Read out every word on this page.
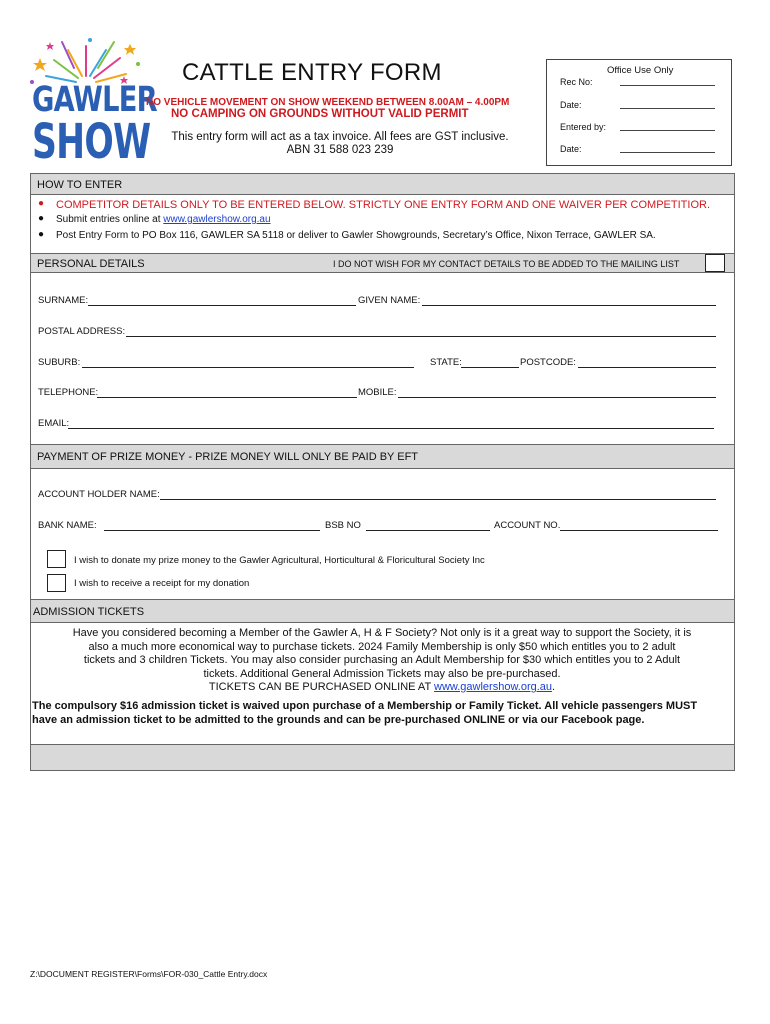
GAWLER
SHOW
CATTLE ENTRY FORM
NO VEHICLE MOVEMENT ON SHOW WEEKEND BETWEEN 8.00AM – 4.00PM
NO CAMPING ON GROUNDS WITHOUT VALID PERMIT
This entry form will act as a tax invoice. All fees are GST inclusive.
ABN 31 588 023 239
Office Use Only
Rec No:
Date:
Entered by:
Date:
HOW TO ENTER
● COMPETITOR DETAILS ONLY TO BE ENTERED BELOW. STRICTLY ONE ENTRY FORM AND ONE WAIVER PER COMPETITIOR.
● Submit entries online at www.gawlershow.org.au
● Post Entry Form to PO Box 116, GAWLER SA 5118 or deliver to Gawler Showgrounds, Secretary’s Office, Nixon Terrace, GAWLER SA.
PERSONAL DETAILS	I DO NOT WISH FOR MY CONTACT DETAILS TO BE ADDED TO THE MAILING LIST
SURNAME:	GIVEN NAME:
POSTAL ADDRESS:
SUBURB:	STATE:	POSTCODE:
TELEPHONE:	MOBILE:
EMAIL:
PAYMENT OF PRIZE MONEY - PRIZE MONEY WILL ONLY BE PAID BY EFT
ACCOUNT HOLDER NAME:
BANK NAME:	BSB NO	ACCOUNT NO.
I wish to donate my prize money to the Gawler Agricultural, Horticultural & Floricultural Society Inc
I wish to receive a receipt for my donation
ADMISSION TICKETS
Have you considered becoming a Member of the Gawler A, H & F Society? Not only is it a great way to support the Society, it is
also a much more economical way to purchase tickets. 2024 Family Membership is only $50 which entitles you to 2 adult
tickets and 3 children Tickets. You may also consider purchasing an Adult Membership for $30 which entitles you to 2 Adult
tickets. Additional General Admission Tickets may also be pre-purchased.
TICKETS CAN BE PURCHASED ONLINE AT www.gawlershow.org.au.
The compulsory $16 admission ticket is waived upon purchase of a Membership or Family Ticket. All vehicle passengers MUST
have an admission ticket to be admitted to the grounds and can be pre-purchased ONLINE or via our Facebook page.
Z:\DOCUMENT REGISTER\Forms\FOR-030_Cattle Entry.docx
